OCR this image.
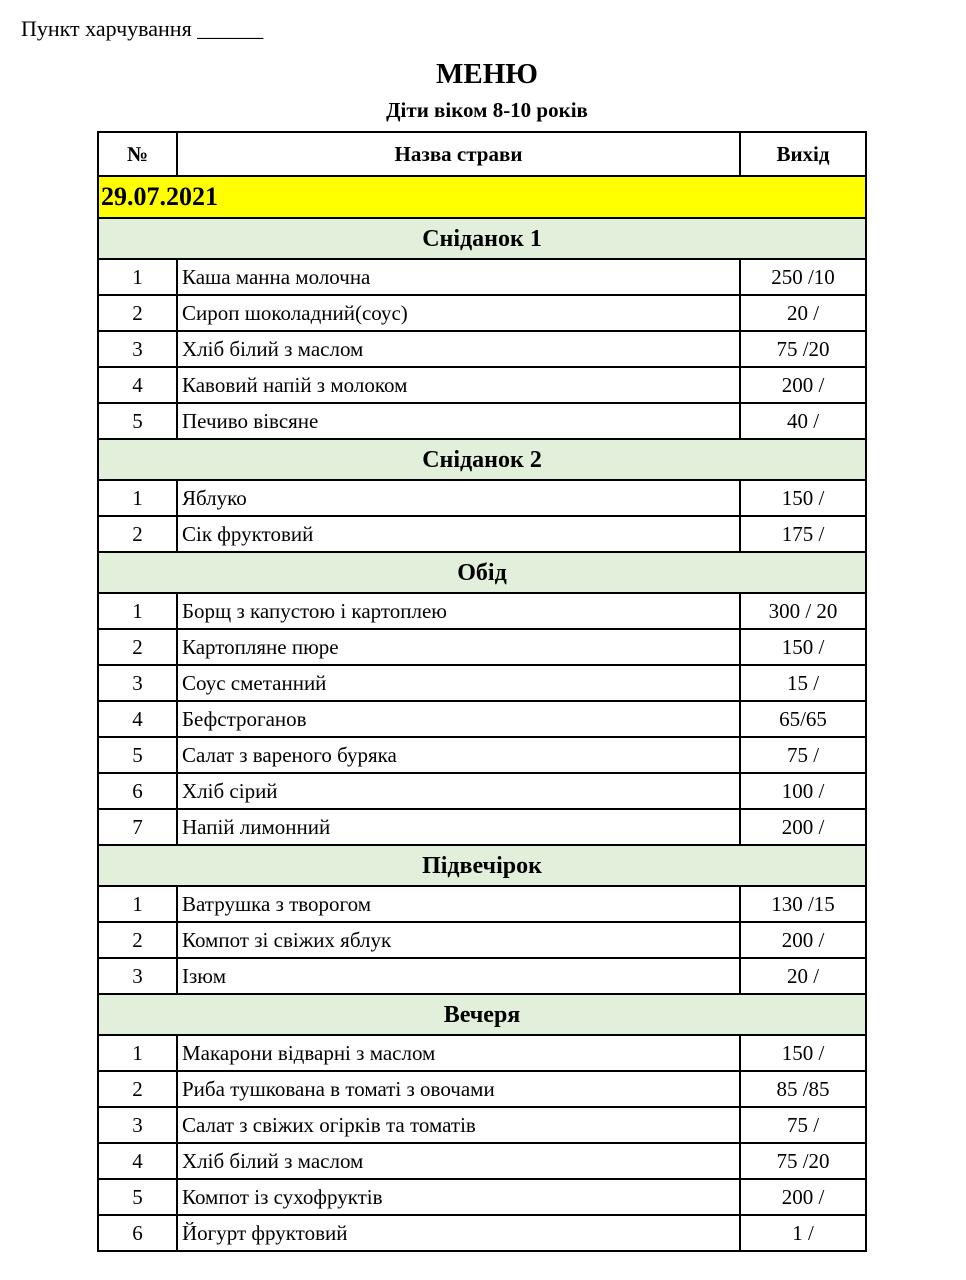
Пункт харчування ______
МЕНЮ
Діти віком 8-10 років
№	Назва страви	Вихід
29.07.2021		
Сніданок 1		
1	Каша манна молочна	250 /10
2	Сироп шоколадний(соус)	20 /
3	Хліб білий з маслом	75 /20
4	Кавовий напій з молоком	200 /
5	Печиво вівсяне	40 /
Сніданок 2		
1	Яблуко	150 /
2	Сік фруктовий	175 /
Обід		
1	Борщ з капустою і картоплею	300 / 20
2	Картопляне пюре	150 /
3	Соус сметанний	15 /
4	Бефстроганов	65/65
5	Салат з вареного буряка	75 /
6	Хліб сірий	100 /
7	Напій лимонний	200 /
Підвечірок		
1	Ватрушка з творогом	130 /15
2	Компот зі свіжих яблук	200 /
3	Ізюм	20 /
Вечеря		
1	Макарони відварні з маслом	150 /
2	Риба тушкована в томаті з овочами	85 /85
3	Салат з свіжих огірків та томатів	75 /
4	Хліб білий з маслом	75 /20
5	Компот із сухофруктів	200 /
6	Йогурт фруктовий	1 /
